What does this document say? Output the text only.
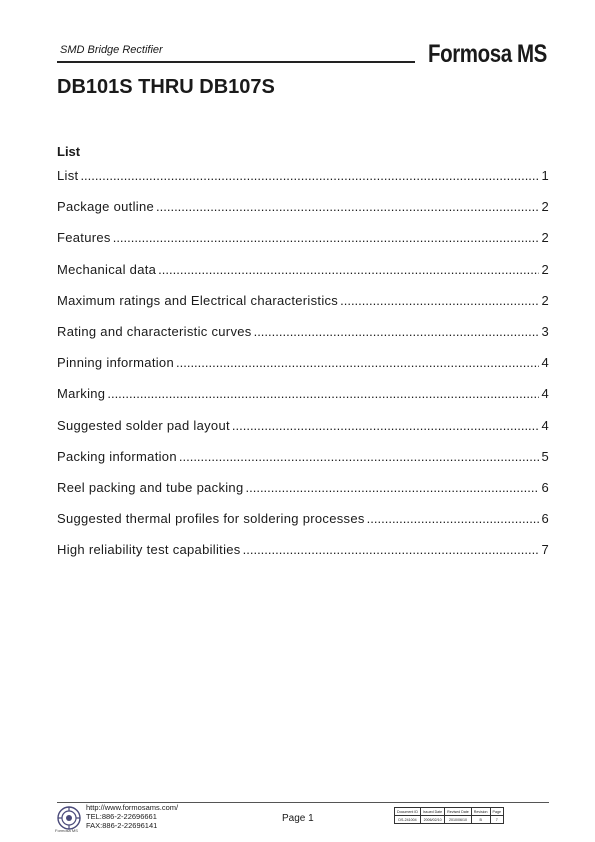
SMD Bridge Rectifier	Formosa MS
DB101S THRU DB107S
List
List .....	1
Package outline .....	2
Features .....	2
Mechanical data .....	2
Maximum ratings and Electrical characteristics .....	2
Rating and characteristic curves .....	3
Pinning information .....	4
Marking .....	4
Suggested solder pad layout .....	4
Packing information .....	5
Reel packing and tube packing .....	6
Suggested thermal profiles for soldering processes .....	6
High reliability test capabilities .....	7
Formosa MS
http://www.formosams.com/
TEL:886-2-22696661
FAX:886-2-22696141
Page 1
Document ID	Issued Date	Revised Date	Revision	Page
DS-241004	2006/02/10	2010/06/10	B	7
